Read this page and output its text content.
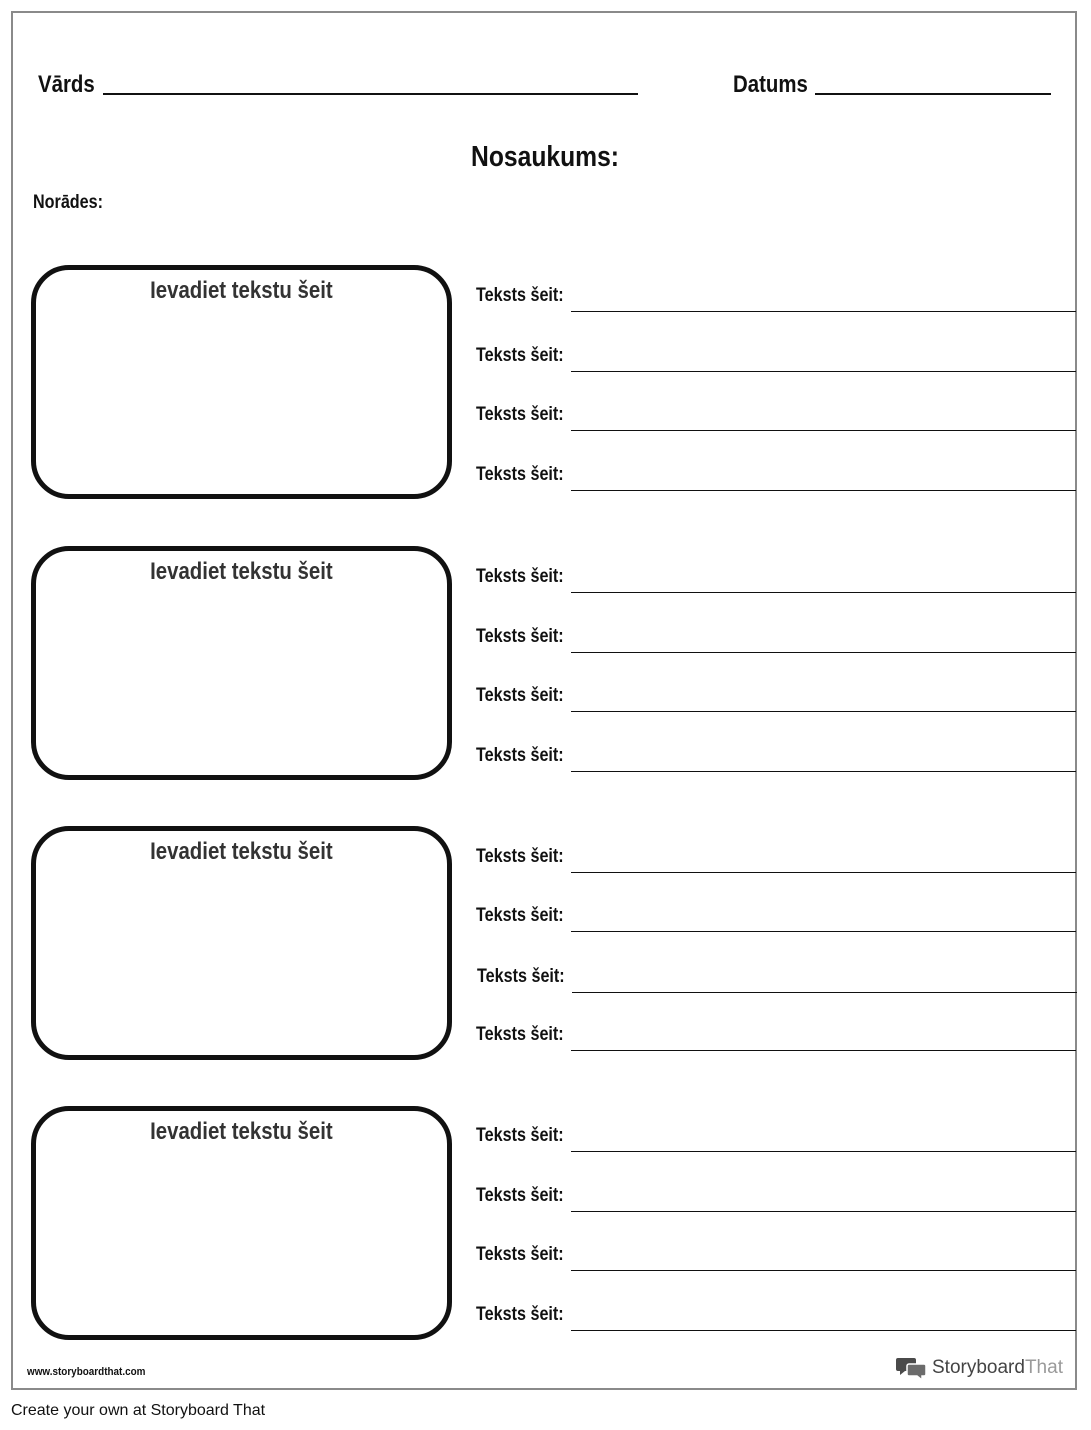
Vārds	Datums
Nosaukums:
Norādes:
Ievadiet tekstu šeit	Teksts šeit:
Teksts šeit:
Teksts šeit:
Teksts šeit:
Ievadiet tekstu šeit	Teksts šeit:
Teksts šeit:
Teksts šeit:
Teksts šeit:
Ievadiet tekstu šeit	Teksts šeit:
Teksts šeit:
Teksts šeit:
Teksts šeit:
Ievadiet tekstu šeit	Teksts šeit:
Teksts šeit:
Teksts šeit:
Teksts šeit:
www.storyboardthat.com	StoryboardThat
Create your own at Storyboard That
